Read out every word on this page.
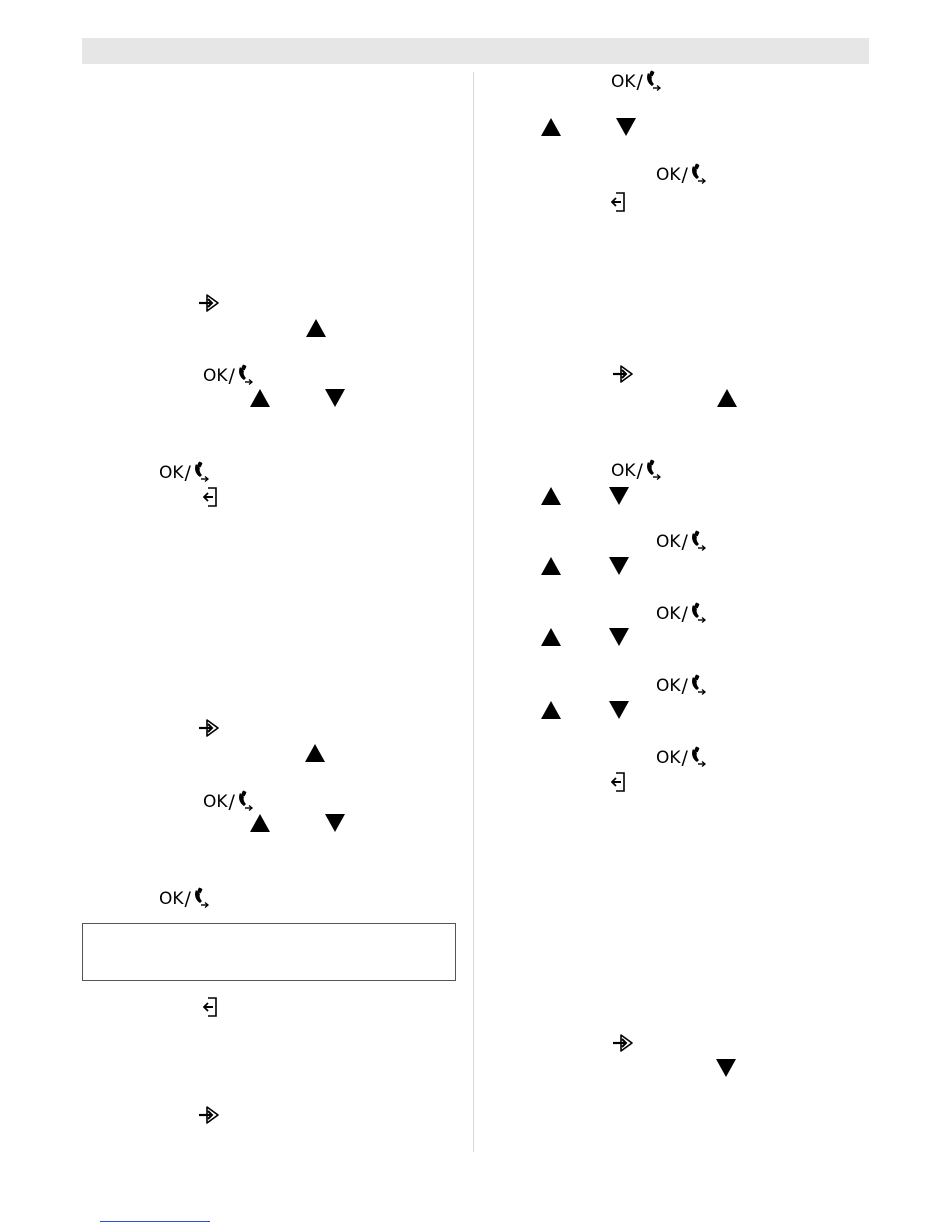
OK /
OK /
OK /
OK /
OK /
OK /
OK /
OK /
OK /
OK /
OK /
